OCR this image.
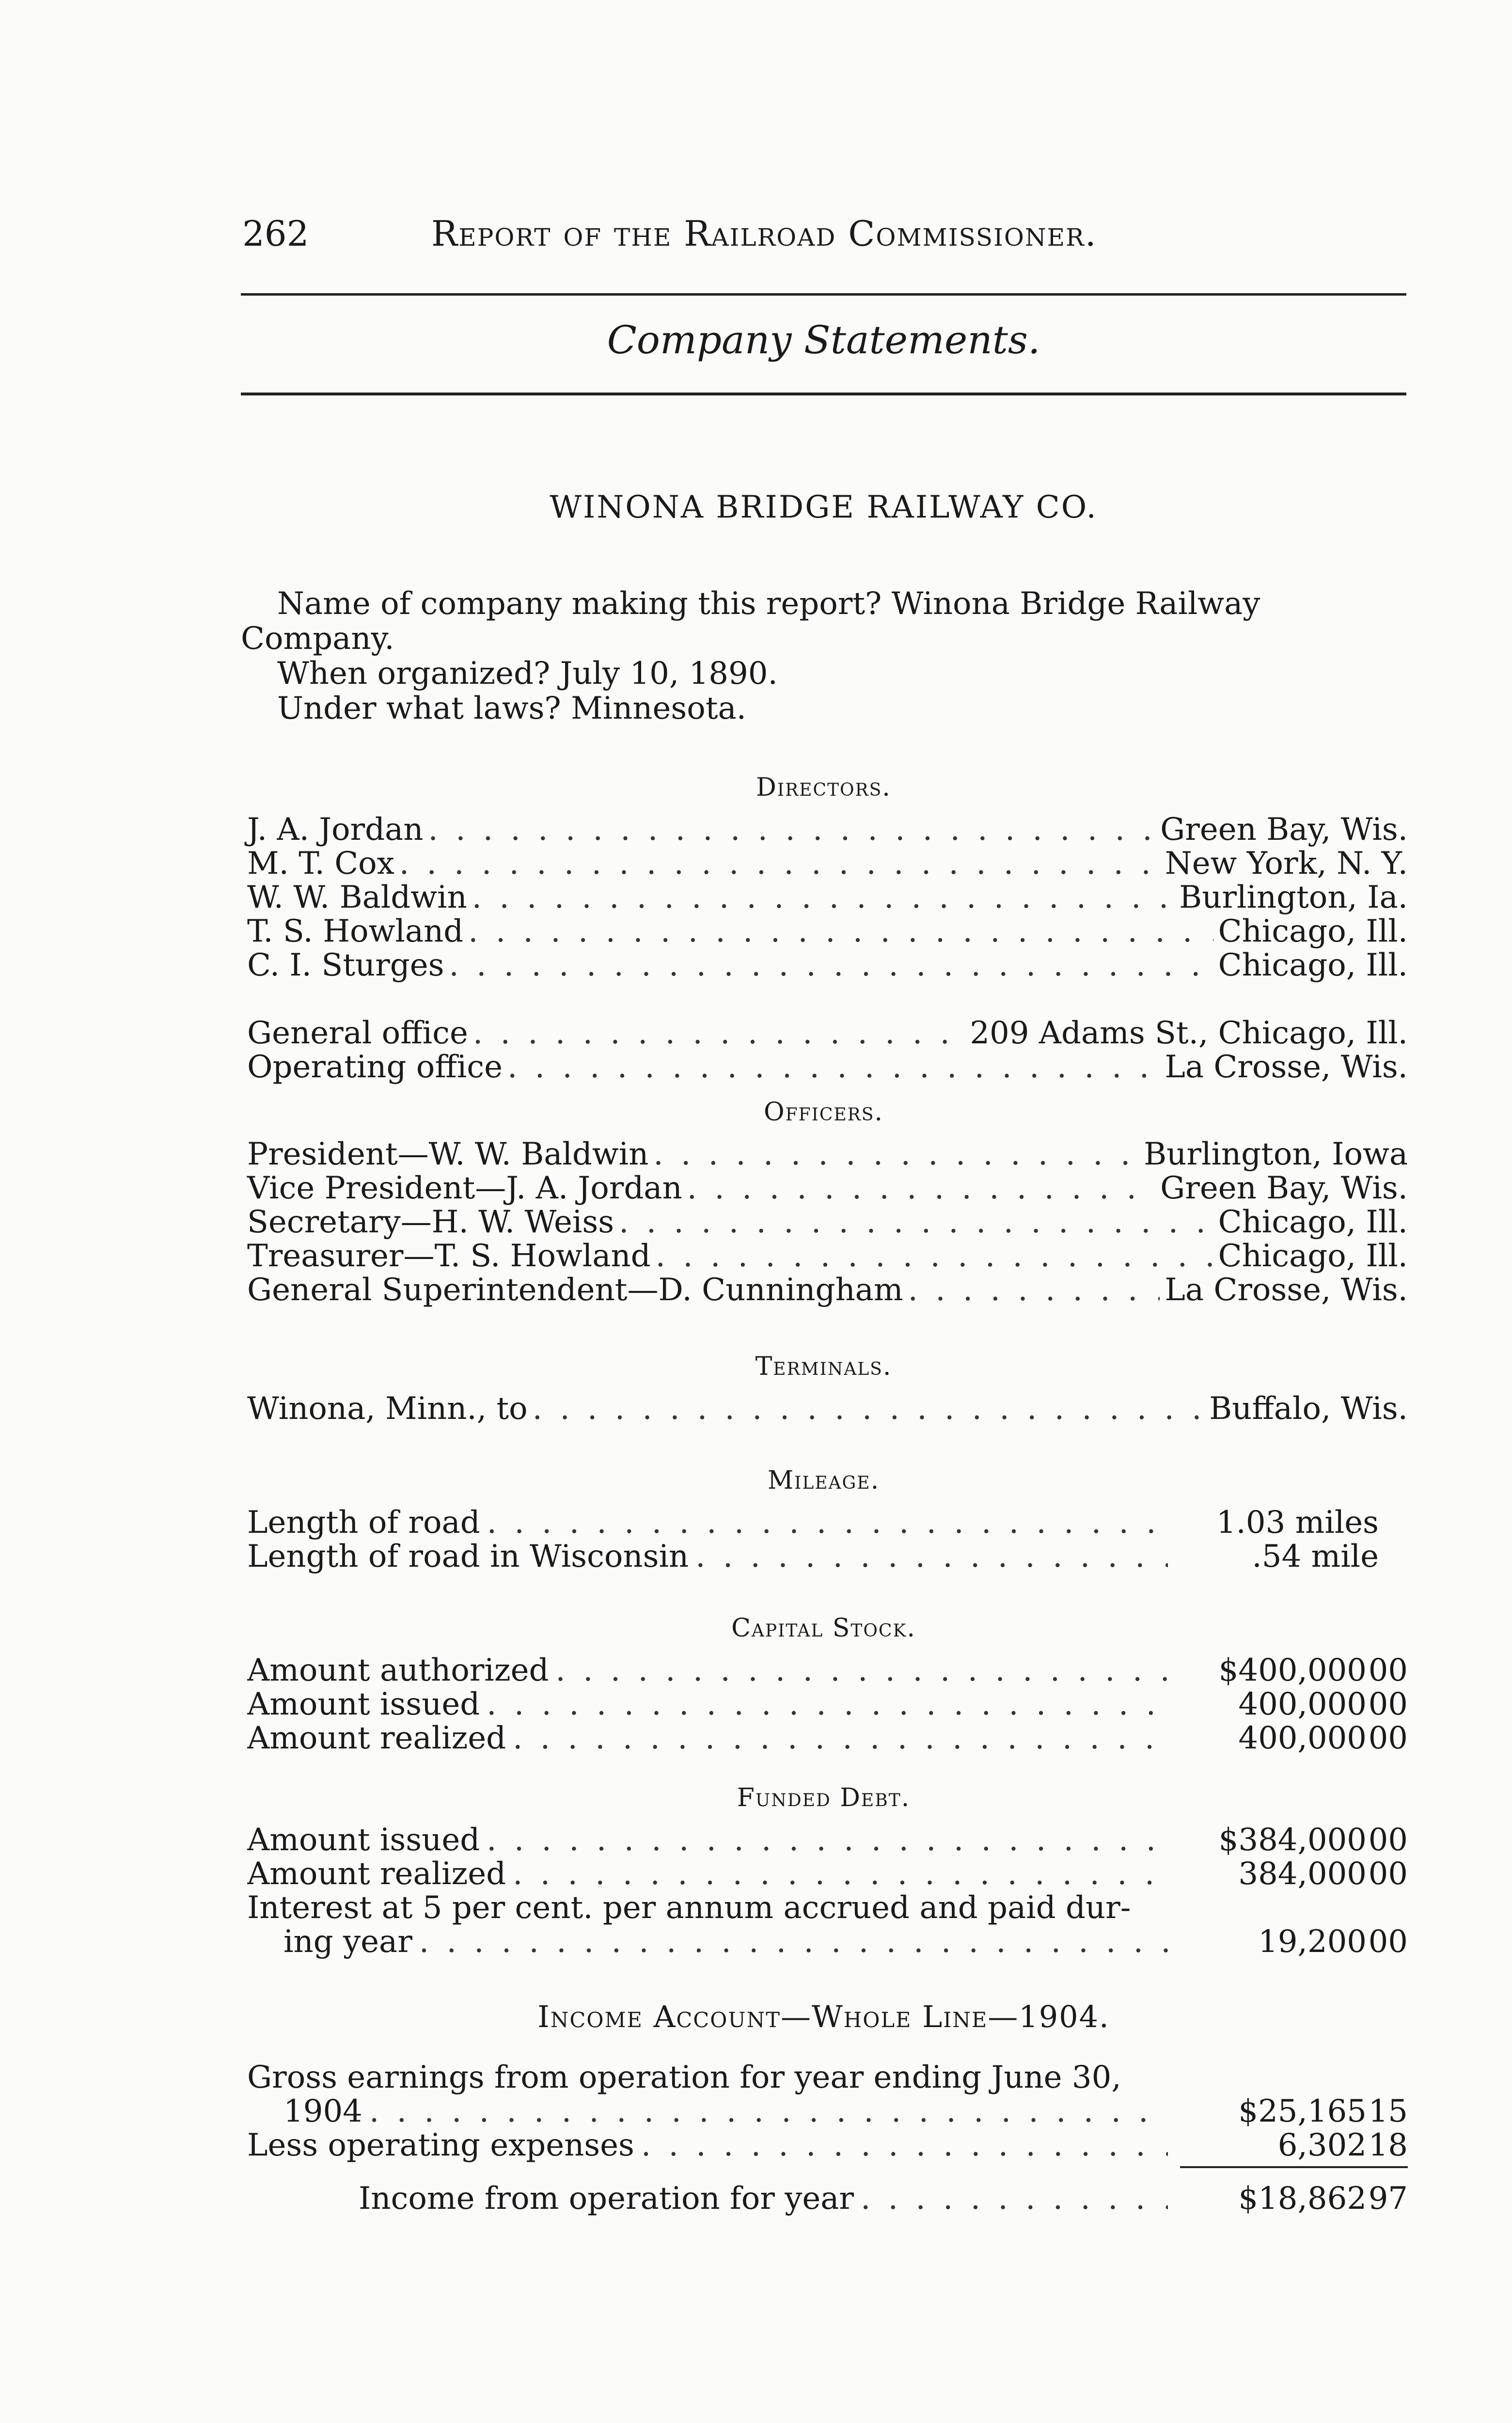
262	Report of the Railroad Commissioner.
Company Statements.
WINONA BRIDGE RAILWAY CO.
Name of company making this report? Winona Bridge Railway
Company.
When organized? July 10, 1890.
Under what laws? Minnesota.
Directors.
J. A. Jordan . . .	Green Bay, Wis.
M. T. Cox . . .	New York, N. Y.
W. W. Baldwin . . .	Burlington, Ia.
T. S. Howland . . .	Chicago, Ill.
C. I. Sturges . . .	Chicago, Ill.
General office . . .	209 Adams St., Chicago, Ill.
Operating office . . .	La Crosse, Wis.
Officers.
President—W. W. Baldwin . . .	Burlington, Iowa
Vice President—J. A. Jordan . . .	Green Bay, Wis.
Secretary—H. W. Weiss . . .	Chicago, Ill.
Treasurer—T. S. Howland . . .	Chicago, Ill.
General Superintendent—D. Cunningham . . .	La Crosse, Wis.
Terminals.
Winona, Minn., to . . .	Buffalo, Wis.
Mileage.
Length of road . . .	1.03 miles
Length of road in Wisconsin . . .	.54 mile
Capital Stock.
Amount authorized . . .	$400,00000
Amount issued . . .	400,00000
Amount realized . . .	400,00000
Funded Debt.
Amount issued . . .	$384,00000
Amount realized . . .	384,00000
Interest at 5 per cent. per annum accrued and paid dur-
ing year . . .	19,20000
Income Account—Whole Line—1904.
Gross earnings from operation for year ending June 30,
1904 . . .	$25,16515
Less operating expenses . . .	6,30218
Income from operation for year . . .	$18,86297
